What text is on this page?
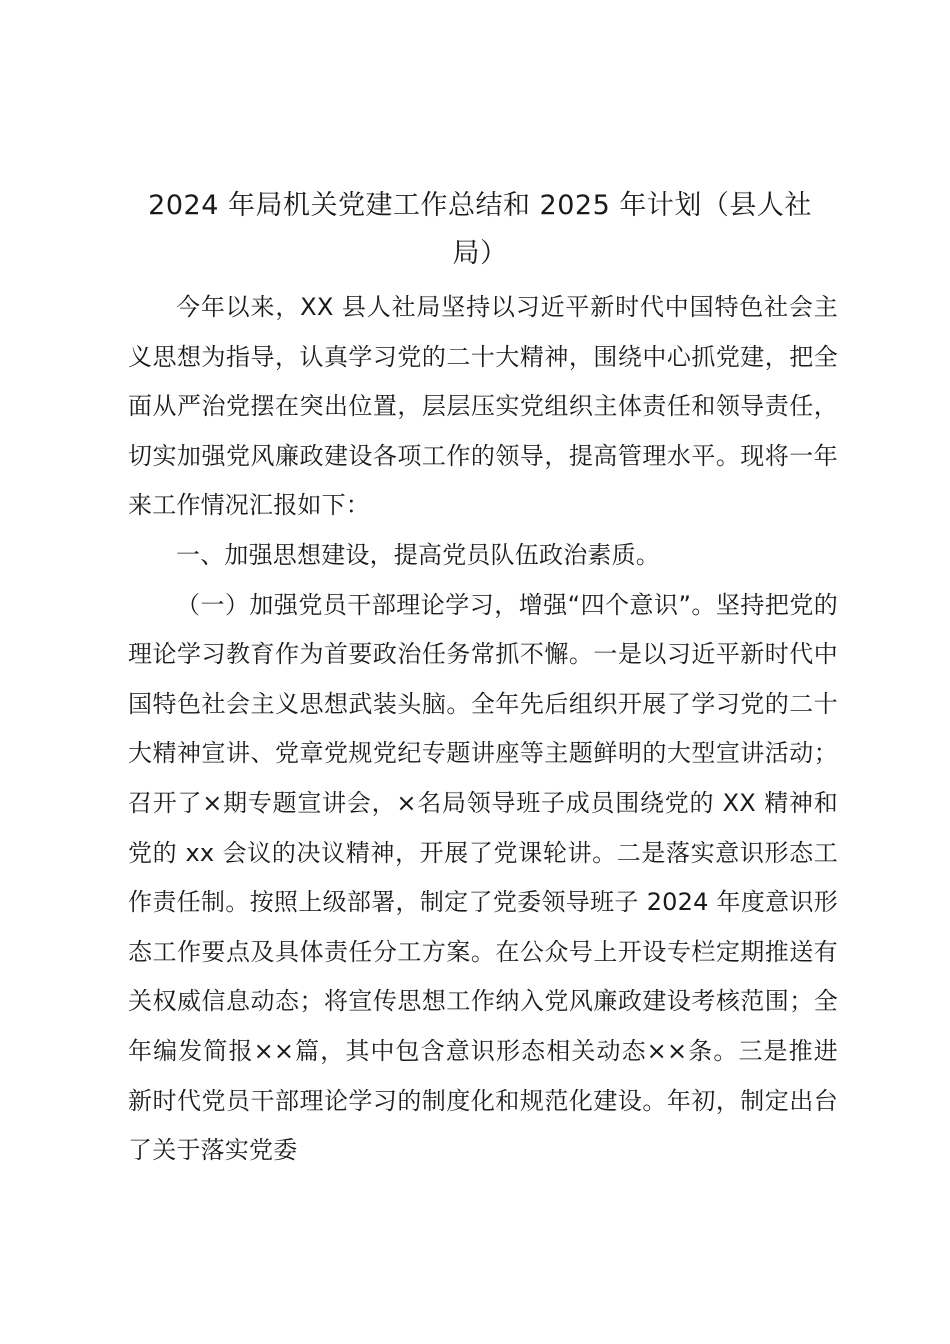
2024 年局机关党建工作总结和 2025 年计划（县人社局）

今年以来，XX 县人社局坚持以习近平新时代中国特色社会主义思想为指导，认真学习党的二十大精神，围绕中心抓党建，把全面从严治党摆在突出位置，层层压实党组织主体责任和领导责任，切实加强党风廉政建设各项工作的领导，提高管理水平。现将一年来工作情况汇报如下：

一、加强思想建设，提高党员队伍政治素质。

（一）加强党员干部理论学习，增强“四个意识”。坚持把党的理论学习教育作为首要政治任务常抓不懈。一是以习近平新时代中国特色社会主义思想武装头脑。全年先后组织开展了学习党的二十大精神宣讲、党章党规党纪专题讲座等主题鲜明的大型宣讲活动；召开了×期专题宣讲会，×名局领导班子成员围绕党的 XX 精神和党的 xx 会议的决议精神，开展了党课轮讲。二是落实意识形态工作责任制。按照上级部署，制定了党委领导班子 2024 年度意识形态工作要点及具体责任分工方案。在公众号上开设专栏定期推送有关权威信息动态；将宣传思想工作纳入党风廉政建设考核范围；全年编发简报××篇，其中包含意识形态相关动态××条。三是推进新时代党员干部理论学习的制度化和规范化建设。年初，制定出台了关于落实党委
